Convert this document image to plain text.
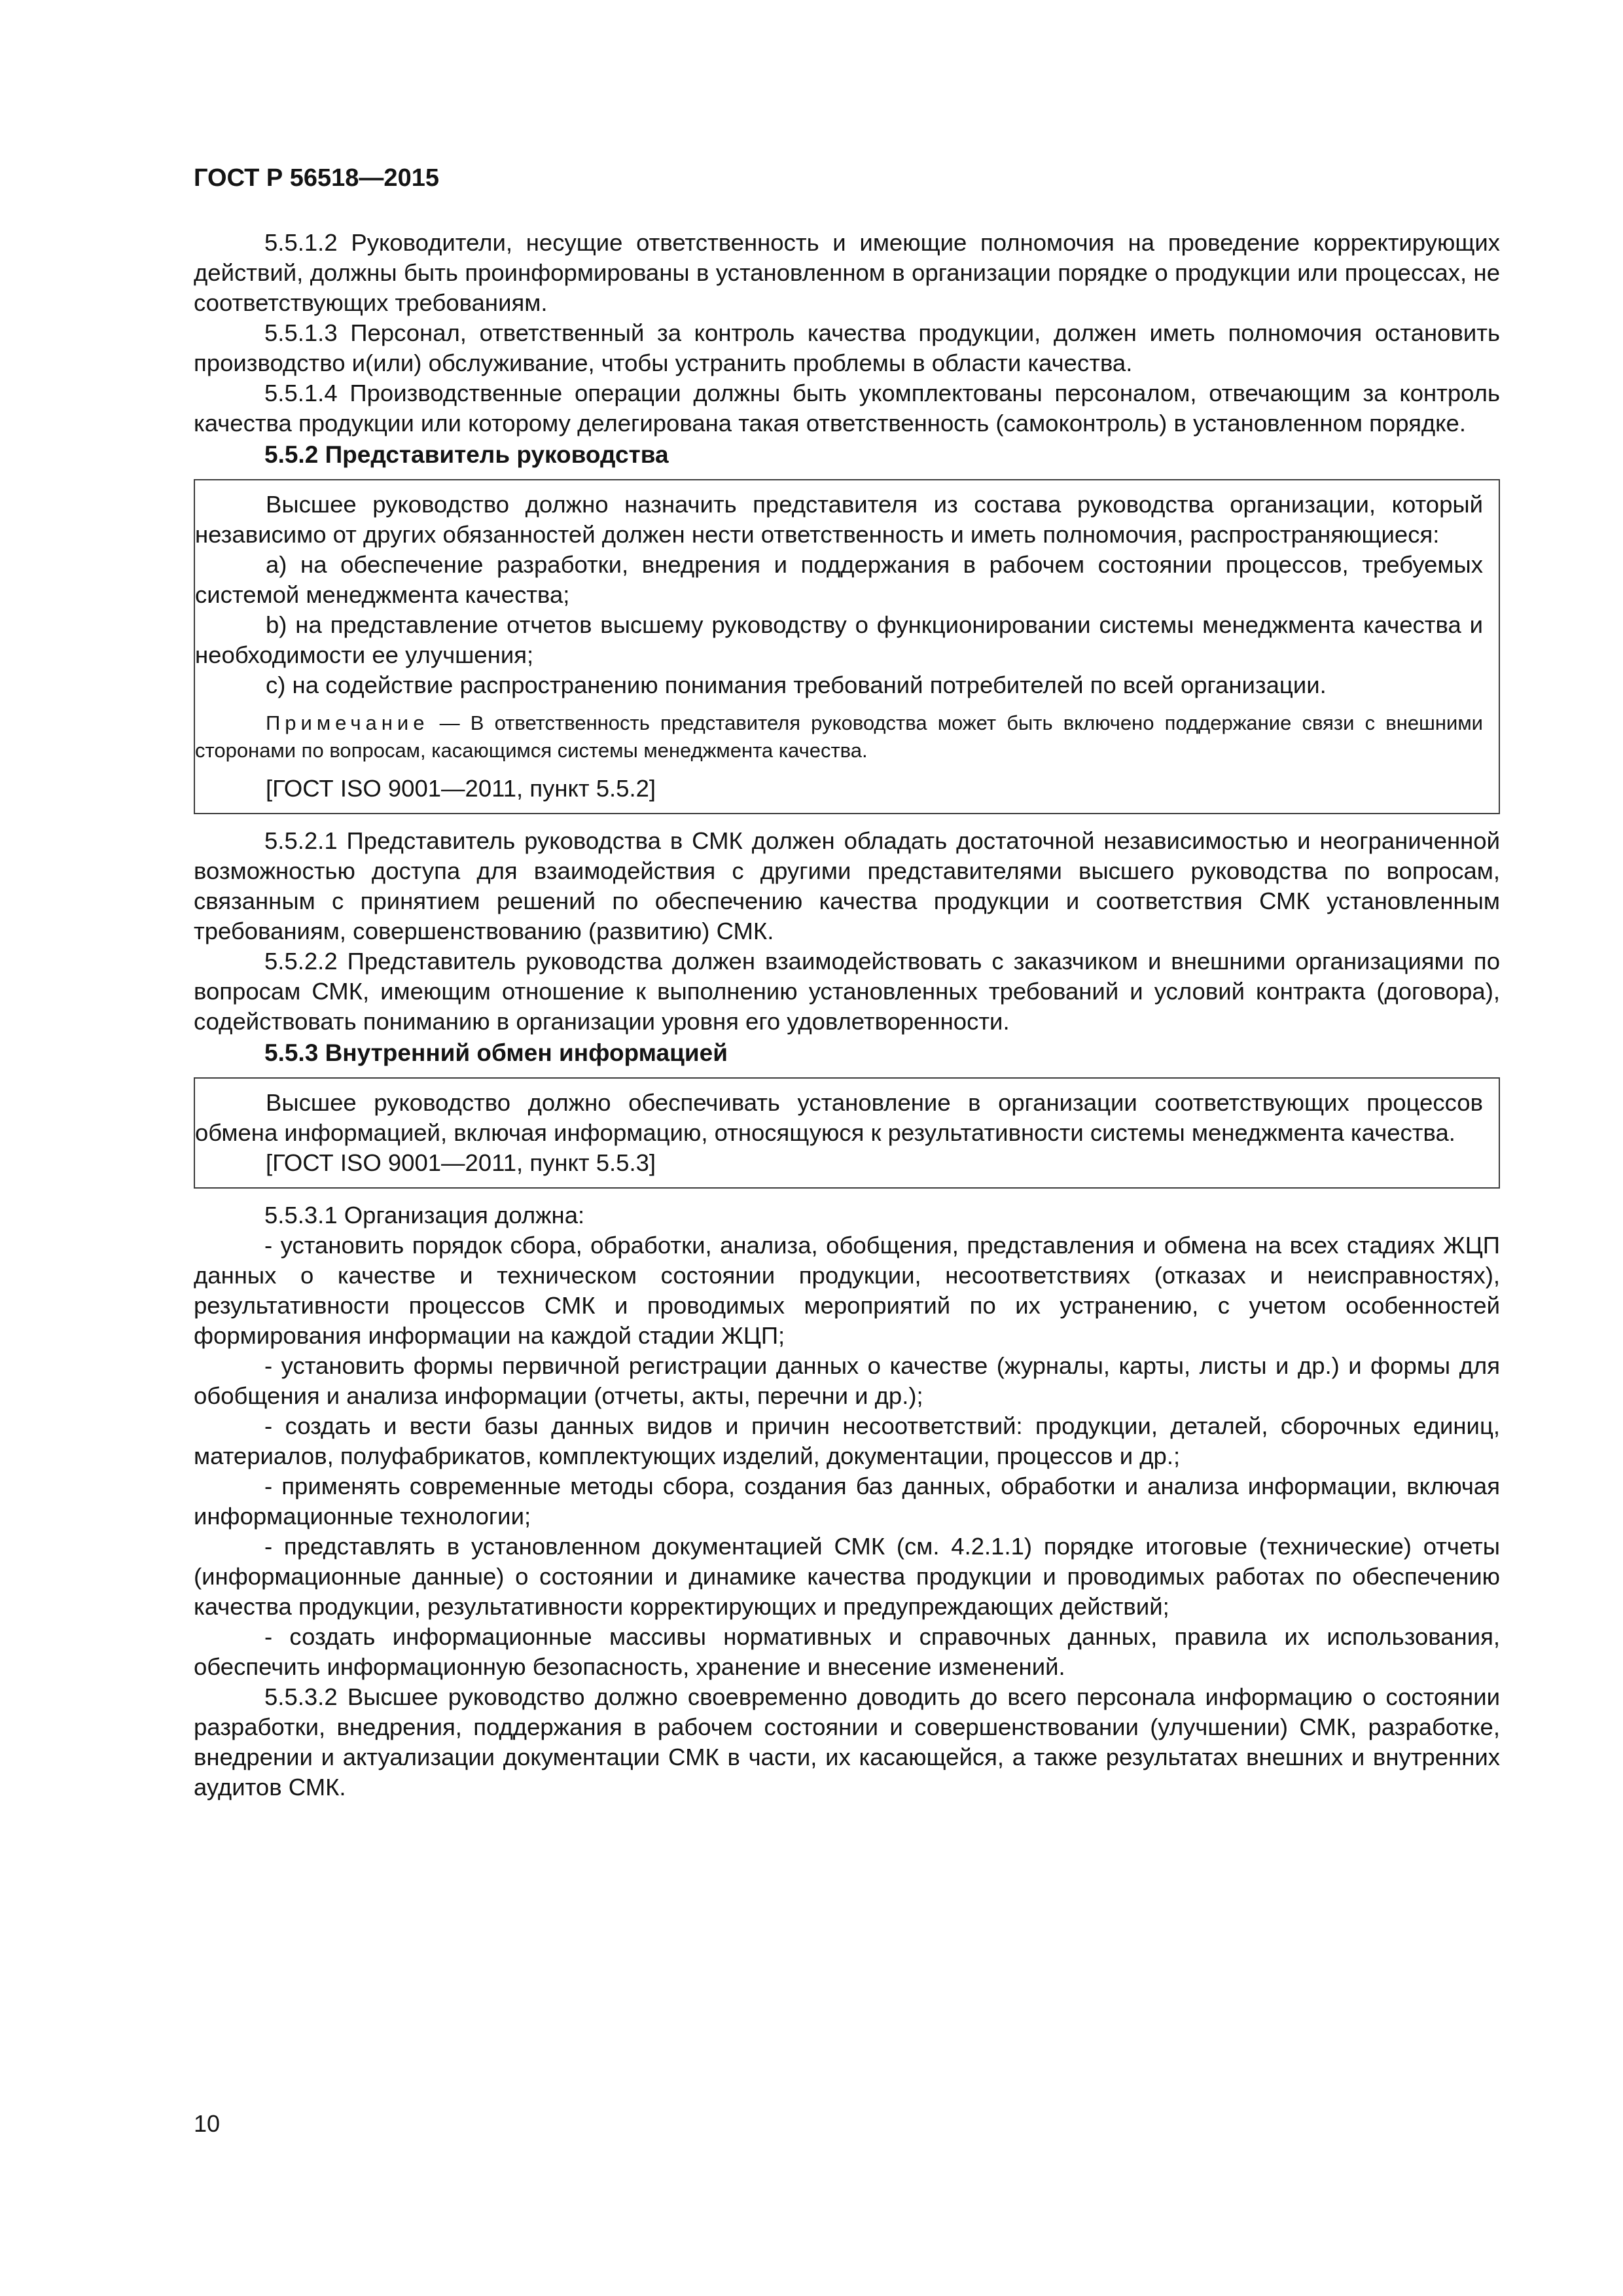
ГОСТ Р 56518—2015

5.5.1.2 Руководители, несущие ответственность и имеющие полномочия на проведение корректирующих действий, должны быть проинформированы в установленном в организации порядке о продукции или процессах, не соответствующих требованиям.

5.5.1.3 Персонал, ответственный за контроль качества продукции, должен иметь полномочия остановить производство и(или) обслуживание, чтобы устранить проблемы в области качества.

5.5.1.4 Производственные операции должны быть укомплектованы персоналом, отвечающим за контроль качества продукции или которому делегирована такая ответственность (самоконтроль) в установленном порядке.

5.5.2 Представитель руководства

Высшее руководство должно назначить представителя из состава руководства организации, который независимо от других обязанностей должен нести ответственность и иметь полномочия, распространяющиеся:

a) на обеспечение разработки, внедрения и поддержания в рабочем состоянии процессов, требуемых системой менеджмента качества;

b) на представление отчетов высшему руководству о функционировании системы менеджмента качества и необходимости ее улучшения;

c) на содействие распространению понимания требований потребителей по всей организации.

Примечание — В ответственность представителя руководства может быть включено поддержание связи с внешними сторонами по вопросам, касающимся системы менеджмента качества.

[ГОСТ ISO 9001—2011, пункт 5.5.2]

5.5.2.1 Представитель руководства в СМК должен обладать достаточной независимостью и неограниченной возможностью доступа для взаимодействия с другими представителями высшего руководства по вопросам, связанным с принятием решений по обеспечению качества продукции и соответствия СМК установленным требованиям, совершенствованию (развитию) СМК.

5.5.2.2 Представитель руководства должен взаимодействовать с заказчиком и внешними организациями по вопросам СМК, имеющим отношение к выполнению установленных требований и условий контракта (договора), содействовать пониманию в организации уровня его удовлетворенности.

5.5.3 Внутренний обмен информацией

Высшее руководство должно обеспечивать установление в организации соответствующих процессов обмена информацией, включая информацию, относящуюся к результативности системы менеджмента качества.

[ГОСТ ISO 9001—2011, пункт 5.5.3]

5.5.3.1 Организация должна:

- установить порядок сбора, обработки, анализа, обобщения, представления и обмена на всех стадиях ЖЦП данных о качестве и техническом состоянии продукции, несоответствиях (отказах и неисправностях), результативности процессов СМК и проводимых мероприятий по их устранению, с учетом особенностей формирования информации на каждой стадии ЖЦП;

- установить формы первичной регистрации данных о качестве (журналы, карты, листы и др.) и формы для обобщения и анализа информации (отчеты, акты, перечни и др.);

- создать и вести базы данных видов и причин несоответствий: продукции, деталей, сборочных единиц, материалов, полуфабрикатов, комплектующих изделий, документации, процессов и др.;

- применять современные методы сбора, создания баз данных, обработки и анализа информации, включая информационные технологии;

- представлять в установленном документацией СМК (см. 4.2.1.1) порядке итоговые (технические) отчеты (информационные данные) о состоянии и динамике качества продукции и проводимых работах по обеспечению качества продукции, результативности корректирующих и предупреждающих действий;

- создать информационные массивы нормативных и справочных данных, правила их использования, обеспечить информационную безопасность, хранение и внесение изменений.

5.5.3.2 Высшее руководство должно своевременно доводить до всего персонала информацию о состоянии разработки, внедрения, поддержания в рабочем состоянии и совершенствовании (улучшении) СМК, разработке, внедрении и актуализации документации СМК в части, их касающейся, а также результатах внешних и внутренних аудитов СМК.

10
